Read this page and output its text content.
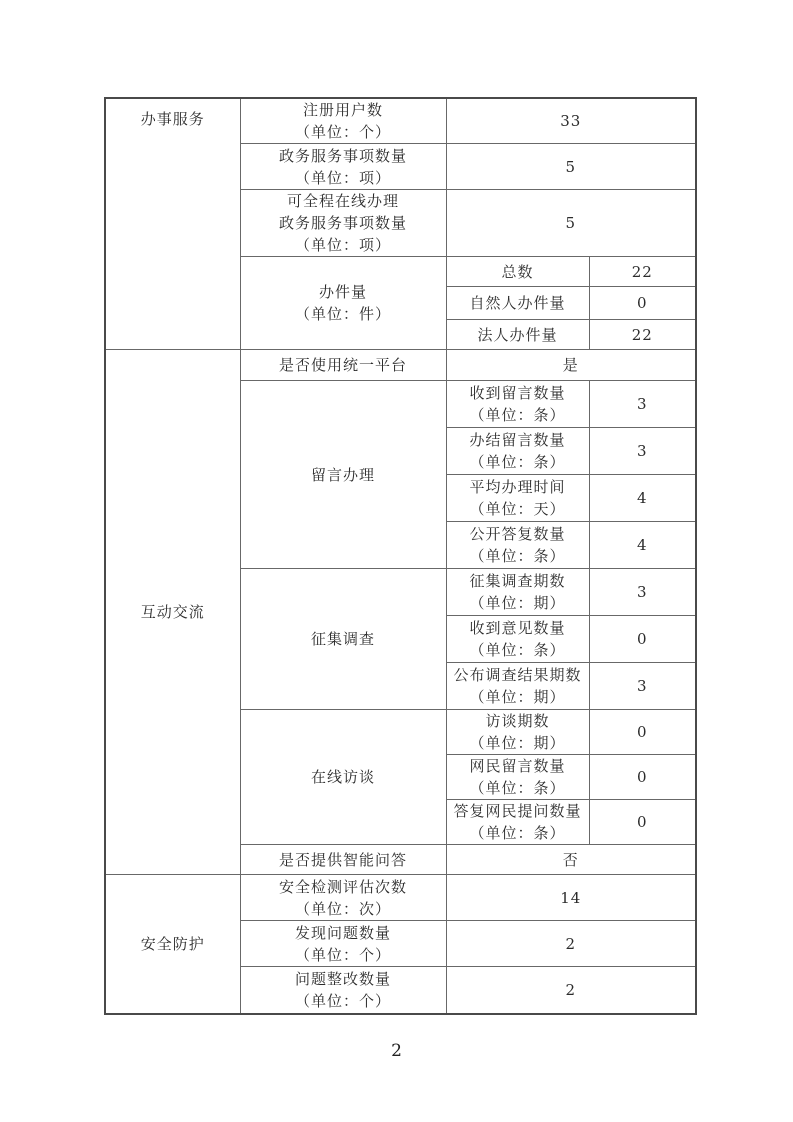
办事服务	注册用户数
（单位：个）	33	

	政务服务事项数量
（单位：项）	5	

	可全程在线办理
政务服务事项数量
（单位：项）	5	

	办件量
（单位：件）	总数	22

		自然人办件量	0

		法人办件量	22
互动交流	是否使用统一平台	是	

	留言办理	收到留言数量
（单位：条）	3

		办结留言数量
（单位：条）	3

		平均办理时间
（单位：天）	4

		公开答复数量
（单位：条）	4

	征集调查	征集调查期数
（单位：期）	3

		收到意见数量
（单位：条）	0

		公布调查结果期数
（单位：期）	3

	在线访谈	访谈期数
（单位：期）	0

		网民留言数量
（单位：条）	0

		答复网民提问数量
（单位：条）	0

	是否提供智能问答	否	
安全防护	安全检测评估次数
（单位：次）	14	

	发现问题数量
（单位：个）	2	

	问题整改数量
（单位：个）	2	
2
